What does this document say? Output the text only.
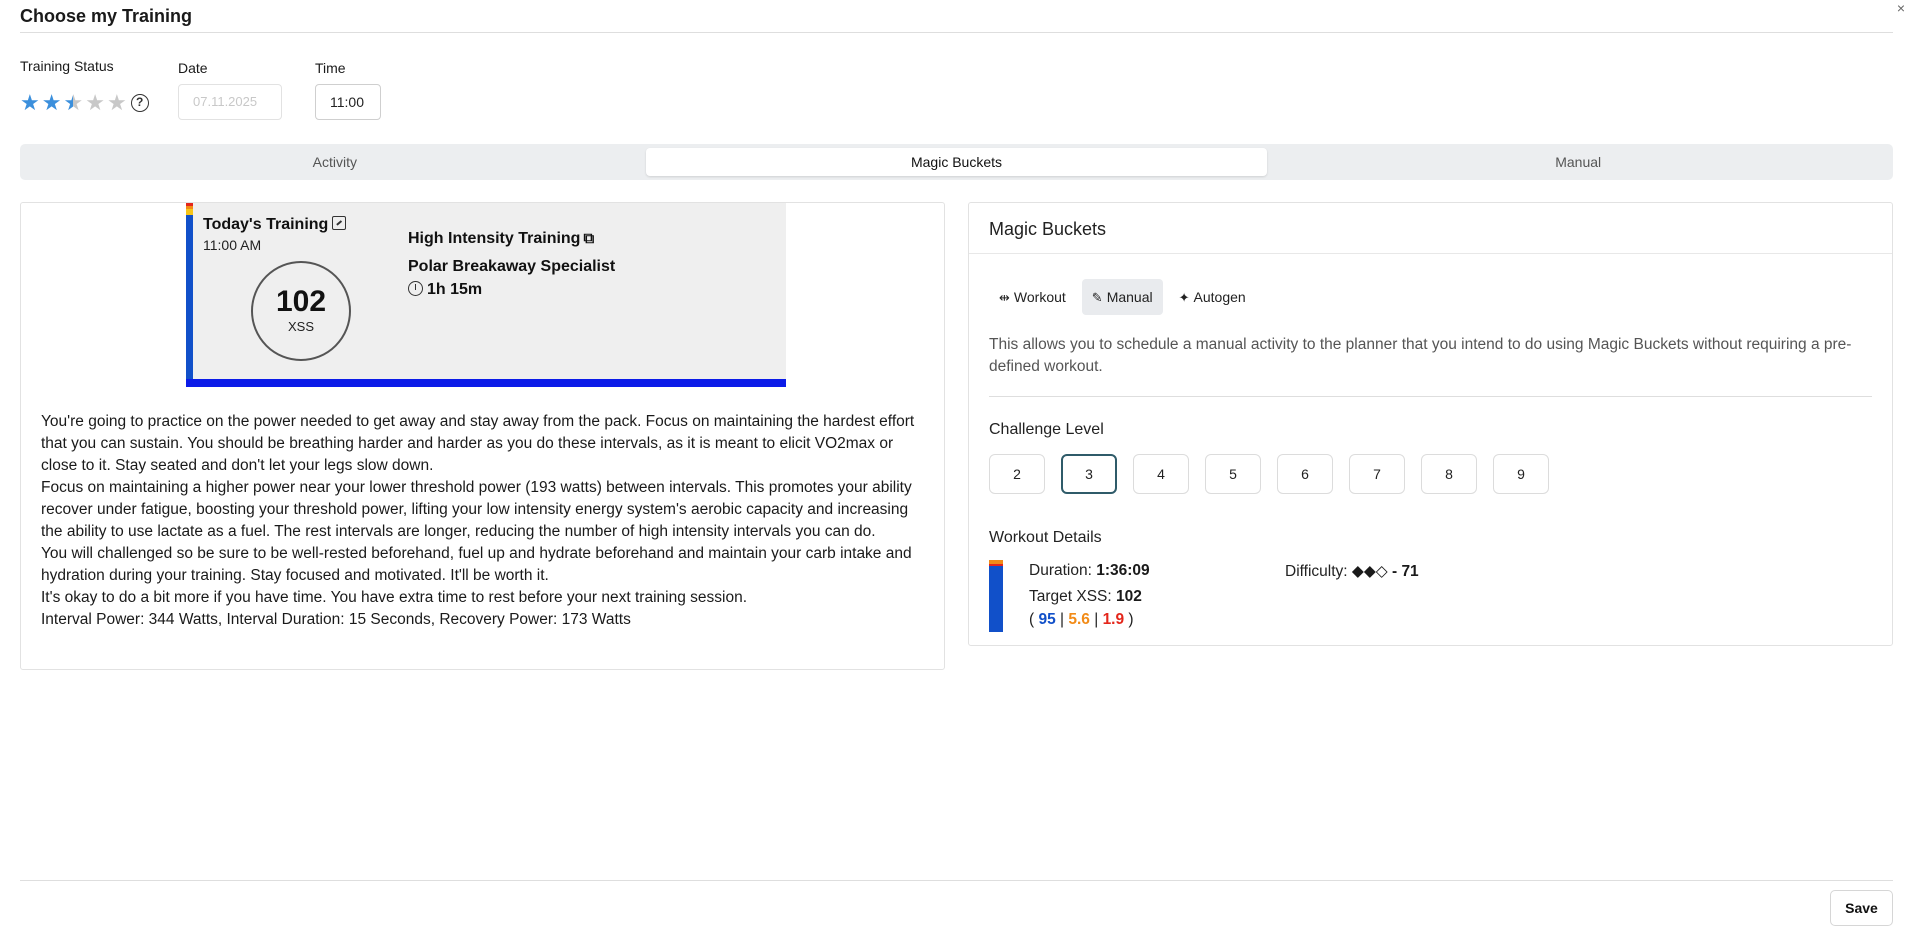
Choose my Training	×
Training Status
★ ★ ★ ★ ★ ?
Date
07.11.2025
Time
11:00
Activity	Magic Buckets	Manual
Today's Training
11:00 AM
102
XSS
High Intensity Training ⧉
Polar Breakaway Specialist
1h 15m

You're going to practice on the power needed to get away and stay away from the pack. Focus on maintaining the hardest effort that you can sustain. You should be breathing harder and harder as you do these intervals, as it is meant to elicit VO2max or close to it. Stay seated and don't let your legs slow down.

Focus on maintaining a higher power near your lower threshold power (193 watts) between intervals. This promotes your ability recover under fatigue, boosting your threshold power, lifting your low intensity energy system's aerobic capacity and increasing the ability to use lactate as a fuel. The rest intervals are longer, reducing the number of high intensity intervals you can do.

You will challenged so be sure to be well-rested beforehand, fuel up and hydrate beforehand and maintain your carb intake and hydration during your training. Stay focused and motivated. It'll be worth it.

It's okay to do a bit more if you have time. You have extra time to rest before your next training session.

Interval Power: 344 Watts, Interval Duration: 15 Seconds, Recovery Power: 173 Watts

Magic Buckets
⇹ Workout	✎ Manual	✦ Autogen
This allows you to schedule a manual activity to the planner that you intend to do using Magic Buckets without requiring a pre-defined workout.
Challenge Level
2	3	4	5	6	7	8	9
Workout Details
Duration: 1:36:09	Difficulty: ◆◆◇ - 71
Target XSS: 102
( 95 | 5.6 | 1.9 )
Save
